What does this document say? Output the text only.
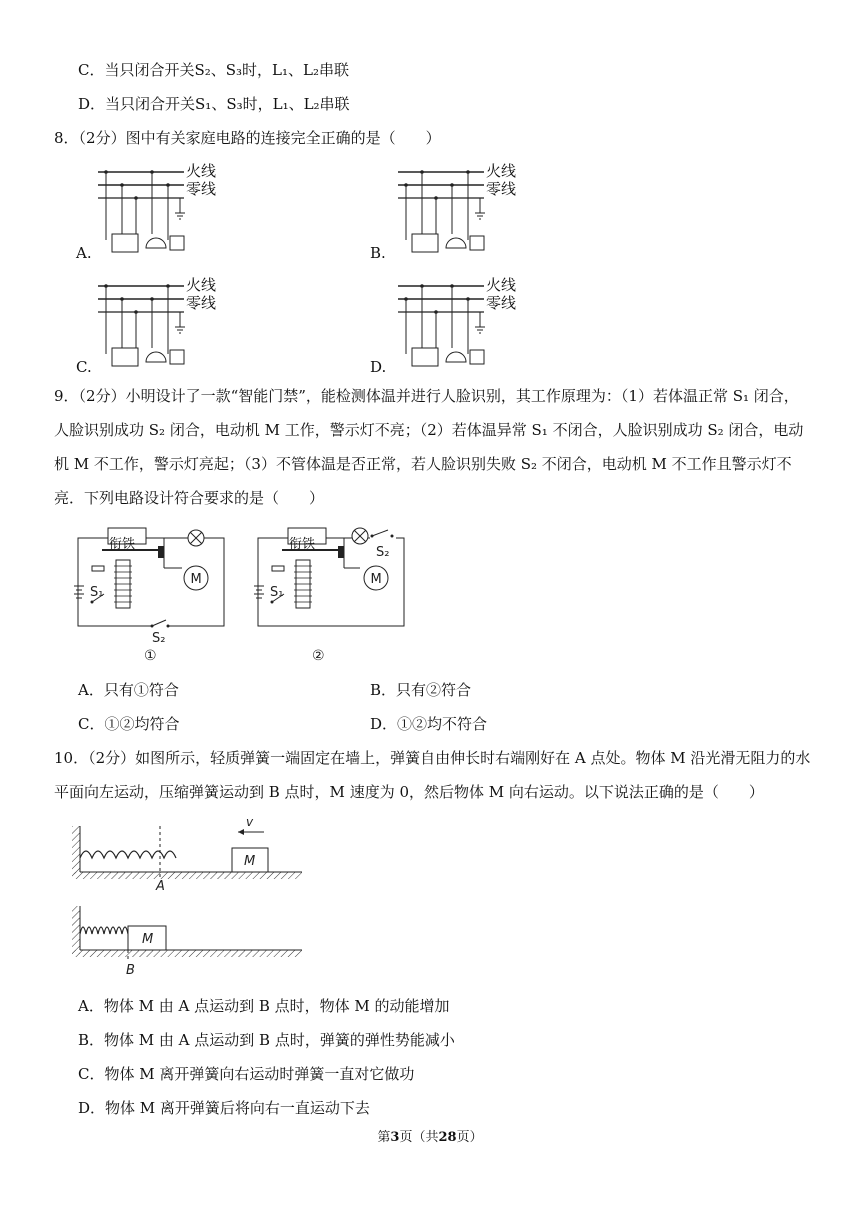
C．当只闭合开关S₂、S₃时，L₁、L₂串联
D．当只闭合开关S₁、S₃时，L₁、L₂串联
8．（2分）图中有关家庭电路的连接完全正确的是（　　）
火线
零线
A.
火线
零线
B.
火线
零线
C.
火线
零线
D.
9．（2分）小明设计了一款“智能门禁”，能检测体温并进行人脸识别，其工作原理为：（1）若体温正常 S₁ 闭合，
人脸识别成功 S₂ 闭合，电动机 M 工作，警示灯不亮；（2）若体温异常 S₁ 不闭合，人脸识别成功 S₂ 闭合，电动
机 M 不工作，警示灯亮起；（3）不管体温是否正常，若人脸识别失败 S₂ 不闭合，电动机 M 不工作且警示灯不
亮．下列电路设计符合要求的是（　　）
M
S₁
S₂
①
衔铁
S₂
M
S₁
②
衔铁
A．只有①符合	B．只有②符合
C．①②均符合	D．①②均不符合
10．（2分）如图所示，轻质弹簧一端固定在墙上，弹簧自由伸长时右端刚好在 A 点处。物体 M 沿光滑无阻力的水
平面向左运动，压缩弹簧运动到 B 点时，M 速度为 0，然后物体 M 向右运动。以下说法正确的是（　　）
A
M
v
M
B
A．物体 M 由 A 点运动到 B 点时，物体 M 的动能增加
B．物体 M 由 A 点运动到 B 点时，弹簧的弹性势能减小
C．物体 M 离开弹簧向右运动时弹簧一直对它做功
D．物体 M 离开弹簧后将向右一直运动下去
第3页（共28页）
